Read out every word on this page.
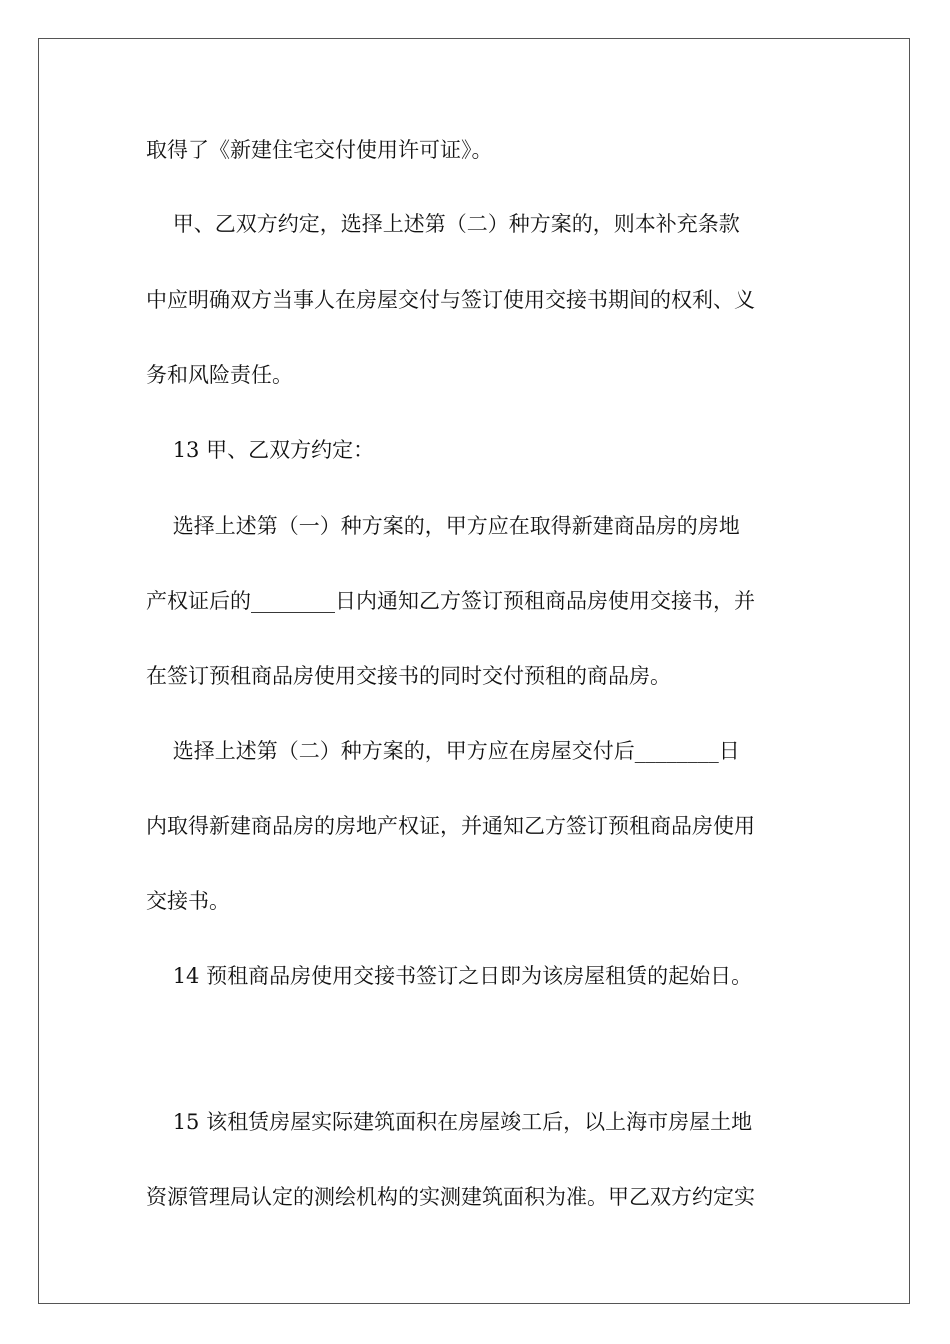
取得了《新建住宅交付使用许可证》。
甲、乙双方约定，选择上述第（二）种方案的，则本补充条款
中应明确双方当事人在房屋交付与签订使用交接书期间的权利、义
务和风险责任。
13 甲、乙双方约定：
选择上述第（一）种方案的，甲方应在取得新建商品房的房地
产权证后的________日内通知乙方签订预租商品房使用交接书，并
在签订预租商品房使用交接书的同时交付预租的商品房。
选择上述第（二）种方案的，甲方应在房屋交付后________日
内取得新建商品房的房地产权证，并通知乙方签订预租商品房使用
交接书。
14 预租商品房使用交接书签订之日即为该房屋租赁的起始日。
15 该租赁房屋实际建筑面积在房屋竣工后，以上海市房屋土地
资源管理局认定的测绘机构的实测建筑面积为准。甲乙双方约定实
